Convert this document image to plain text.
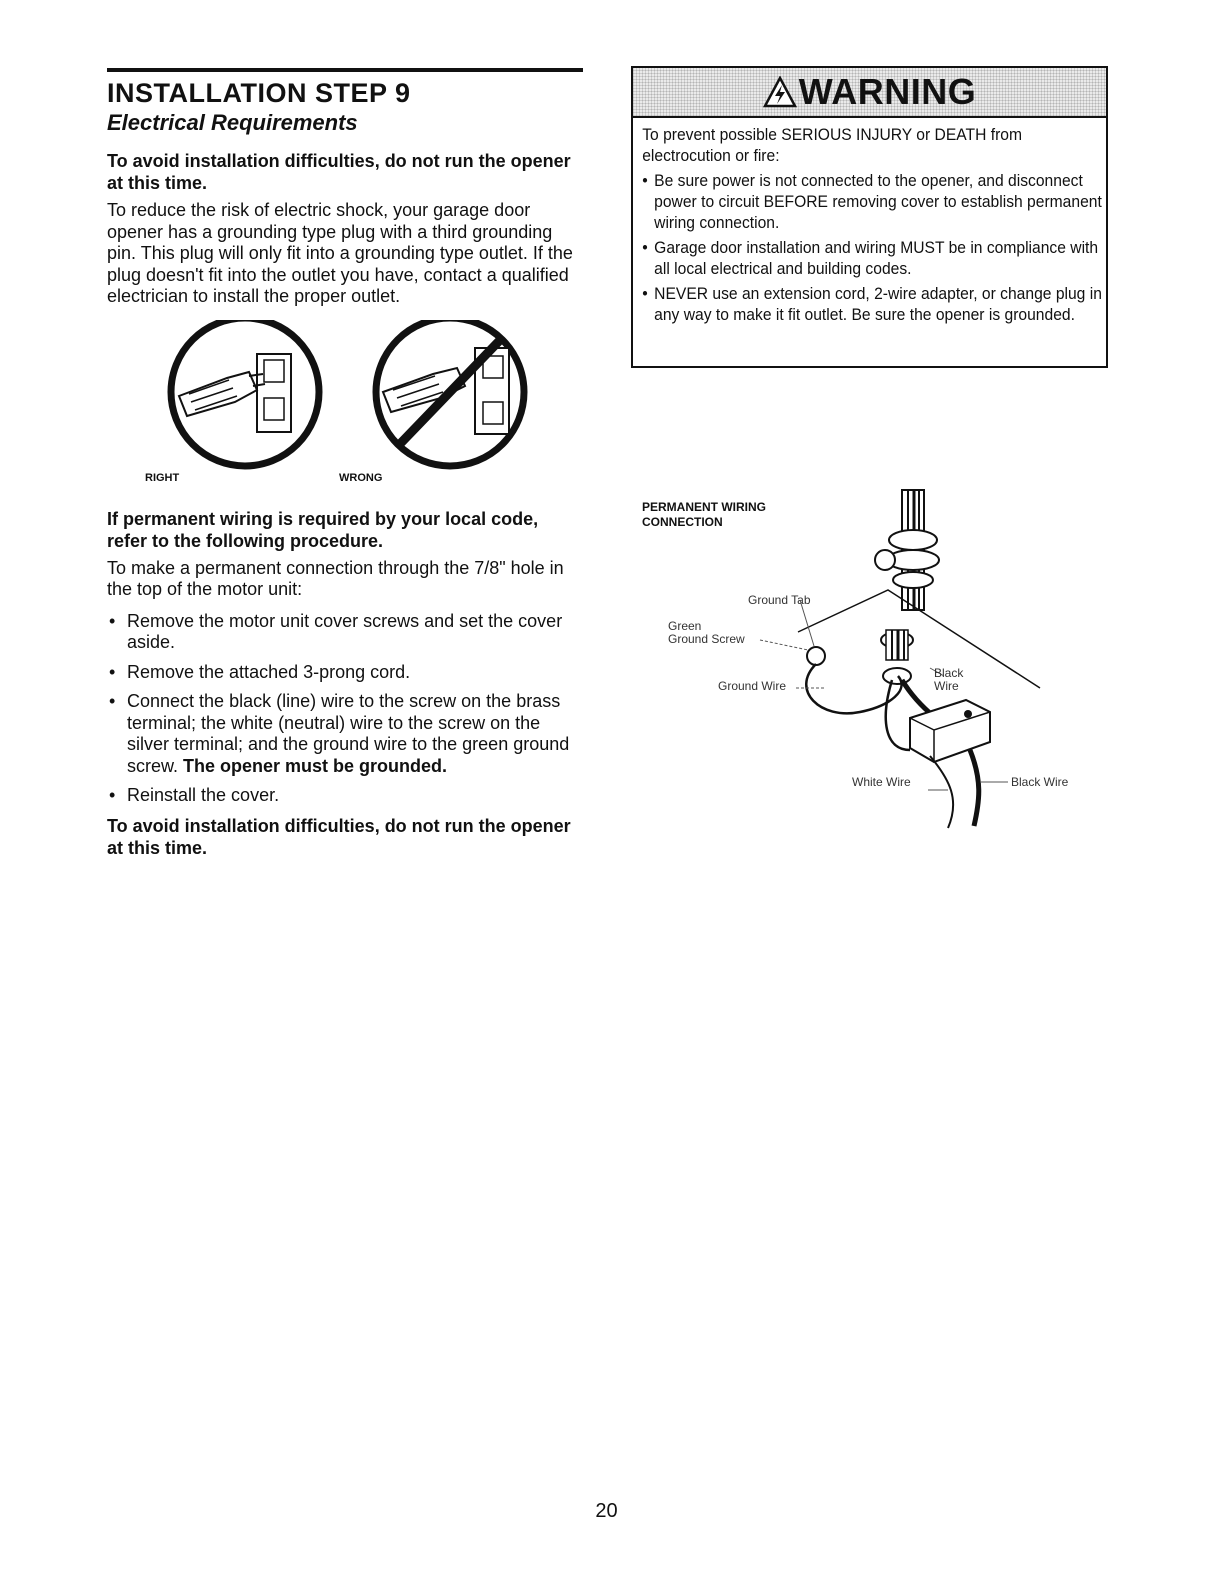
INSTALLATION STEP 9
Electrical Requirements

To avoid installation difficulties, do not run the opener at this time.

To reduce the risk of electric shock, your garage door opener has a grounding type plug with a third grounding pin. This plug will only fit into a grounding type outlet. If the plug doesn't fit into the outlet you have, contact a qualified electrician to install the proper outlet.

RIGHT	WRONG

If permanent wiring is required by your local code, refer to the following procedure.

To make a permanent connection through the 7/8" hole in the top of the motor unit:

• Remove the motor unit cover screws and set the cover aside.
• Remove the attached 3-prong cord.
• Connect the black (line) wire to the screw on the brass terminal; the white (neutral) wire to the screw on the silver terminal; and the ground wire to the green ground screw. The opener must be grounded.
• Reinstall the cover.

To avoid installation difficulties, do not run the opener at this time.

WARNING

To prevent possible SERIOUS INJURY or DEATH from electrocution or fire:

• Be sure power is not connected to the opener, and disconnect power to circuit BEFORE removing cover to establish permanent wiring connection.
• Garage door installation and wiring MUST be in compliance with all local electrical and building codes.
• NEVER use an extension cord, 2-wire adapter, or change plug in any way to make it fit outlet. Be sure the opener is grounded.
PERMANENT WIRING
CONNECTION
Ground Tab
Green
Ground Screw
Ground Wire
Black
Wire
White Wire	Black Wire
20
